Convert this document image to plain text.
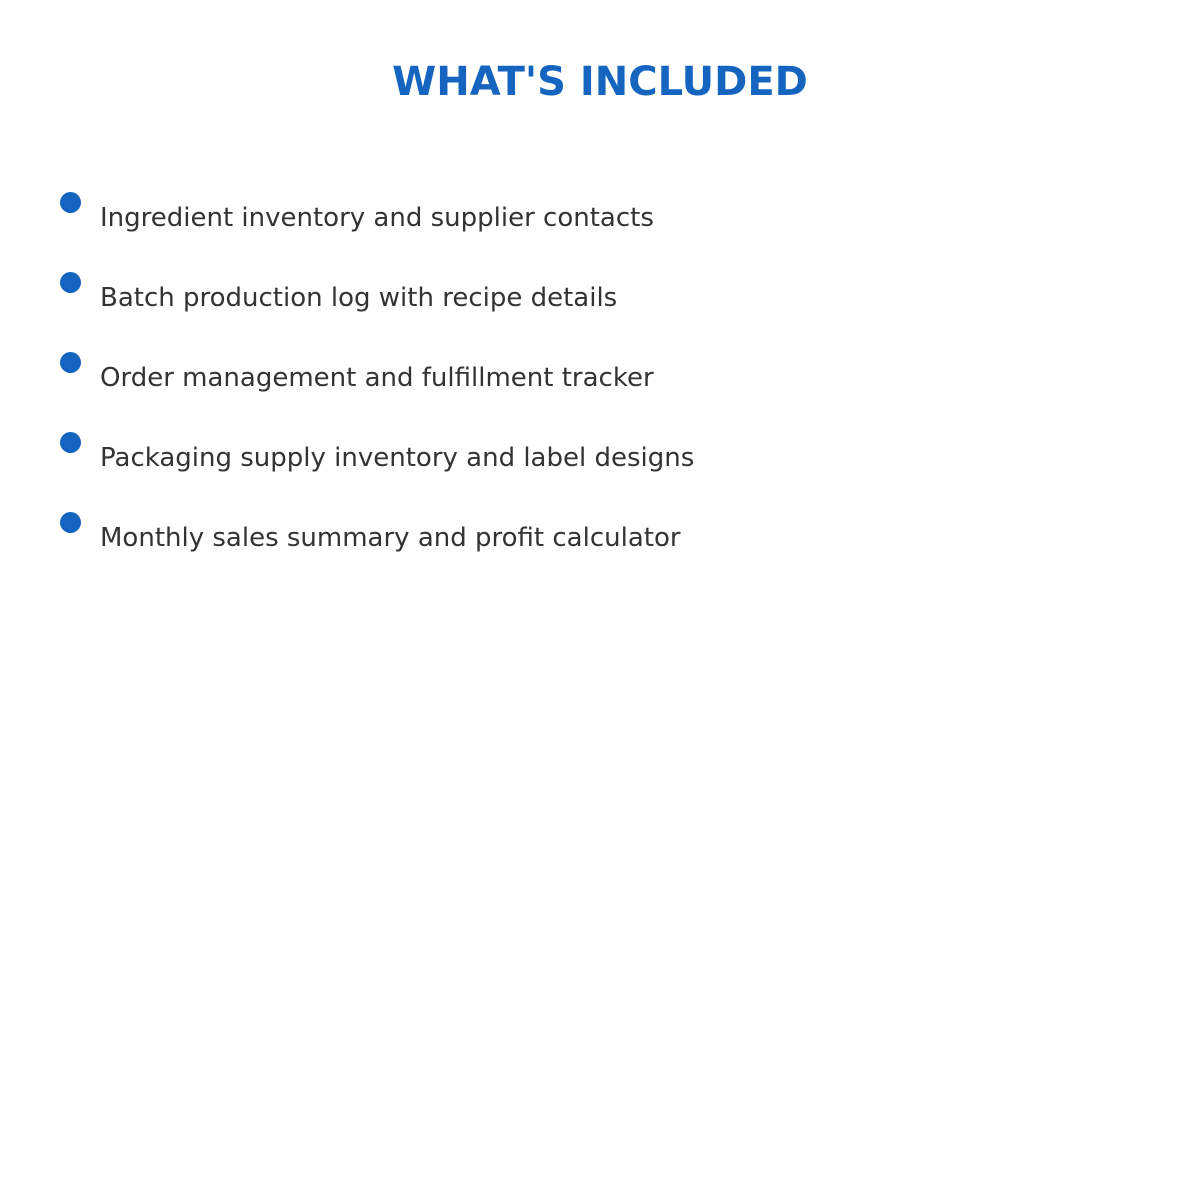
WHAT'S INCLUDED
Ingredient inventory and supplier contacts
Batch production log with recipe details
Order management and fulfillment tracker
Packaging supply inventory and label designs
Monthly sales summary and profit calculator
